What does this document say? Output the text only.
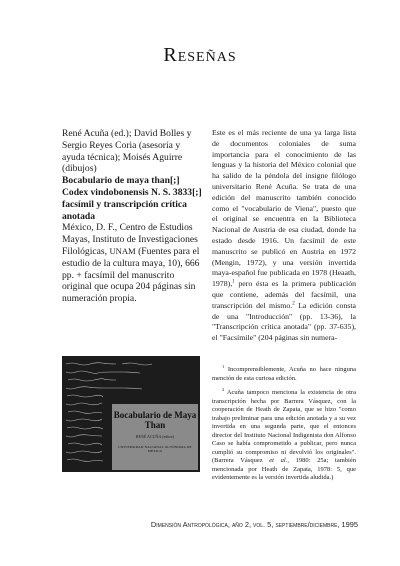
Reseñas

René Acuña (ed.); David Bolles y Sergio Reyes Coria (asesoría y ayuda técnica); Moisés Aguirre (dibujos)

Bocabulario de maya than[;] Codex vindobonensis N. S. 3833[;] facsímil y transcripción crítica anotada

México, D. F., Centro de Estudios Mayas, Instituto de Investigaciones Filológicas, UNAM (Fuentes para el estudio de la cultura maya, 10), 666 pp. + facsímil del manuscrito original que ocupa 204 páginas sin numeración propia.

Este es el más reciente de una ya larga lista de documentos coloniales de suma importancia para el conocimiento de las lenguas y la historia del México colonial que ha salido de la péndola del insigne filólogo universitario René Acuña. Se trata de una edición del manuscrito también conocido como el "vocabulario de Viena", puesto que el original se encuentra en la Biblioteca Nacional de Austria de esa ciudad, donde ha estado desde 1916. Un facsímil de este manuscrito se publicó en Austria en 1972 (Mengin, 1972), y una versión invertida maya-español fue publicada en 1978 (Heaath, 1978),$^1$ pero ésta es la primera publicación que contiene, además del facsímil, una transcripción del mismo.$^2$ La edición consta de una "Introducción" (pp. 13-36), la "Transcripción crítica anotada" (pp. 37-635), el "Facsímile" (204 páginas sin numera-

$^1$ Incomprensiblemente, Acuña no hace ninguna mención de esta curiosa edición.

$^2$ Acuña tampoco menciona la existencia de otra transcripción hecha por Barrera Vásquez, con la cooperación de Heath de Zapata, que se hizo "como trabajo preliminar para una edición anotada y a su vez invertida en una segunda parte, que el entonces director del Instituto Nacional Indigenista don Alfonso Caso se había comprometido a publicar, pero nunca cumplió su compromiso ni devolvió los originales". (Barrera Vásquez et al., 1980: 25a; también mencionada por Heath de Zapata, 1978: 5, que evidentemente es la versión invertida aludida.)

Bocabulario de Maya Than
RENÉ ACUÑA (editor)
UNIVERSIDAD NACIONAL AUTÓNOMA DE MÉXICO
Dimensión Antropológica, año 2, vol. 5, septiembre/diciembre, 1995
